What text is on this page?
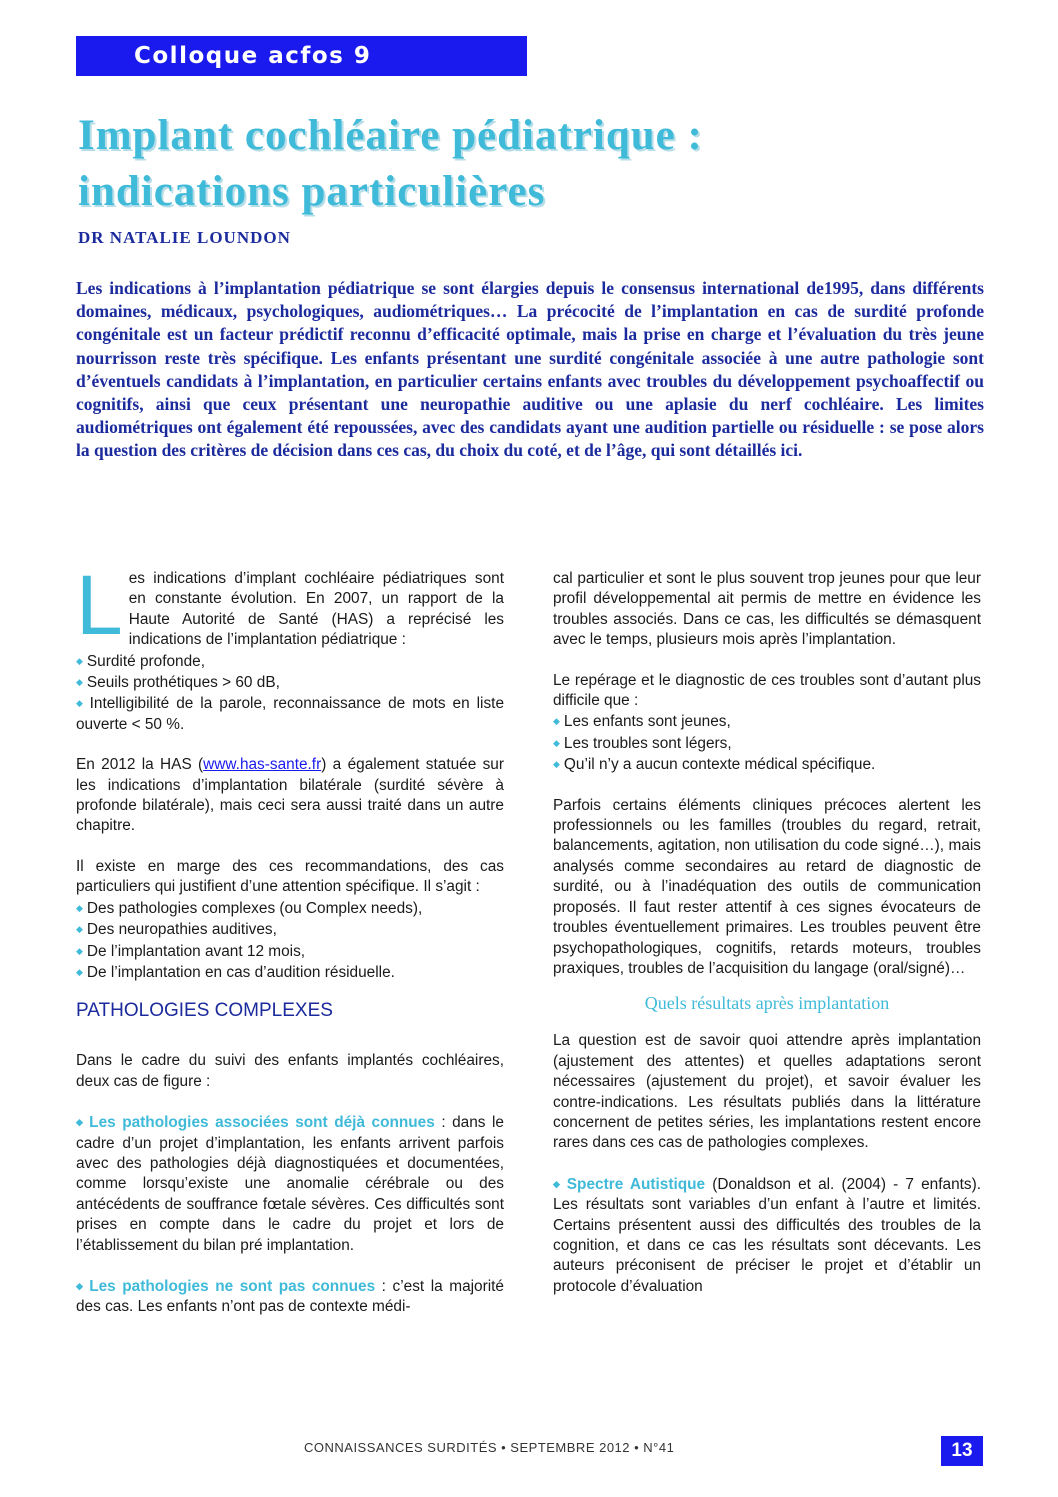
Colloque acfos 9
Implant cochléaire pédiatrique :
indications particulières
DR NATALIE LOUNDON

Les indications à l’implantation pédiatrique se sont élargies depuis le consensus international de1995, dans différents domaines, médicaux, psychologiques, audiométriques… La précocité de l’implantation en cas de surdité profonde congénitale est un facteur prédictif reconnu d’efficacité optimale, mais la prise en charge et l’évaluation du très jeune nourrisson reste très spécifique. Les enfants présentant une surdité congénitale associée à une autre pathologie sont d’éventuels candidats à l’implantation, en particulier certains enfants avec troubles du développement psychoaffectif ou cognitifs, ainsi que ceux présentant une neuropathie auditive ou une aplasie du nerf cochléaire. Les limites audiométriques ont également été repoussées, avec des candidats ayant une audition partielle ou résiduelle : se pose alors la question des critères de décision dans ces cas, du choix du coté, et de l’âge, qui sont détaillés ici.

Les indications d’implant cochléaire pédiatriques sont en constante évolution. En 2007, un rapport de la Haute Autorité de Santé (HAS) a reprécisé les indications de l’implantation pédiatrique :

◆ Surdité profonde,
◆ Seuils prothétiques > 60 dB,
◆ Intelligibilité de la parole, reconnaissance de mots en liste ouverte < 50 %.

En 2012 la HAS (www.has-sante.fr) a également statuée sur les indications d’implantation bilatérale (surdité sévère à profonde bilatérale), mais ceci sera aussi traité dans un autre chapitre.

Il existe en marge des ces recommandations, des cas particuliers qui justifient d’une attention spécifique. Il s’agit :

◆ Des pathologies complexes (ou Complex needs),
◆ Des neuropathies auditives,
◆ De l’implantation avant 12 mois,
◆ De l’implantation en cas d’audition résiduelle.

PATHOLOGIES COMPLEXES

Dans le cadre du suivi des enfants implantés cochléaires, deux cas de figure :

◆ Les pathologies associées sont déjà connues : dans le cadre d’un projet d’implantation, les enfants arrivent parfois avec des pathologies déjà diagnostiquées et documentées, comme lorsqu’existe une anomalie cérébrale ou des antécédents de souffrance fœtale sévères. Ces difficultés sont prises en compte dans le cadre du projet et lors de l’établissement du bilan pré implantation.

◆ Les pathologies ne sont pas connues : c’est la majorité des cas. Les enfants n’ont pas de contexte médi-

cal particulier et sont le plus souvent trop jeunes pour que leur profil développemental ait permis de mettre en évidence les troubles associés. Dans ce cas, les difficultés se démasquent avec le temps, plusieurs mois après l’implantation.

Le repérage et le diagnostic de ces troubles sont d’autant plus difficile que :

◆ Les enfants sont jeunes,
◆ Les troubles sont légers,
◆ Qu’il n’y a aucun contexte médical spécifique.

Parfois certains éléments cliniques précoces alertent les professionnels ou les familles (troubles du regard, retrait, balancements, agitation, non utilisation du code signé…), mais analysés comme secondaires au retard de diagnostic de surdité, ou à l’inadéquation des outils de communication proposés. Il faut rester attentif à ces signes évocateurs de troubles éventuellement primaires. Les troubles peuvent être psychopathologiques, cognitifs, retards moteurs, troubles praxiques, troubles de l’acquisition du langage (oral/signé)…

Quels résultats après implantation

La question est de savoir quoi attendre après implantation (ajustement des attentes) et quelles adaptations seront nécessaires (ajustement du projet), et savoir évaluer les contre-indications. Les résultats publiés dans la littérature concernent de petites séries, les implantations restent encore rares dans ces cas de pathologies complexes.

◆ Spectre Autistique (Donaldson et al. (2004) - 7 enfants). Les résultats sont variables d’un enfant à l’autre et limités. Certains présentent aussi des difficultés des troubles de la cognition, et dans ce cas les résultats sont décevants. Les auteurs préconisent de préciser le projet et d’établir un protocole d’évaluation

CONNAISSANCES SURDITÉS • SEPTEMBRE 2012 • N°41	13
